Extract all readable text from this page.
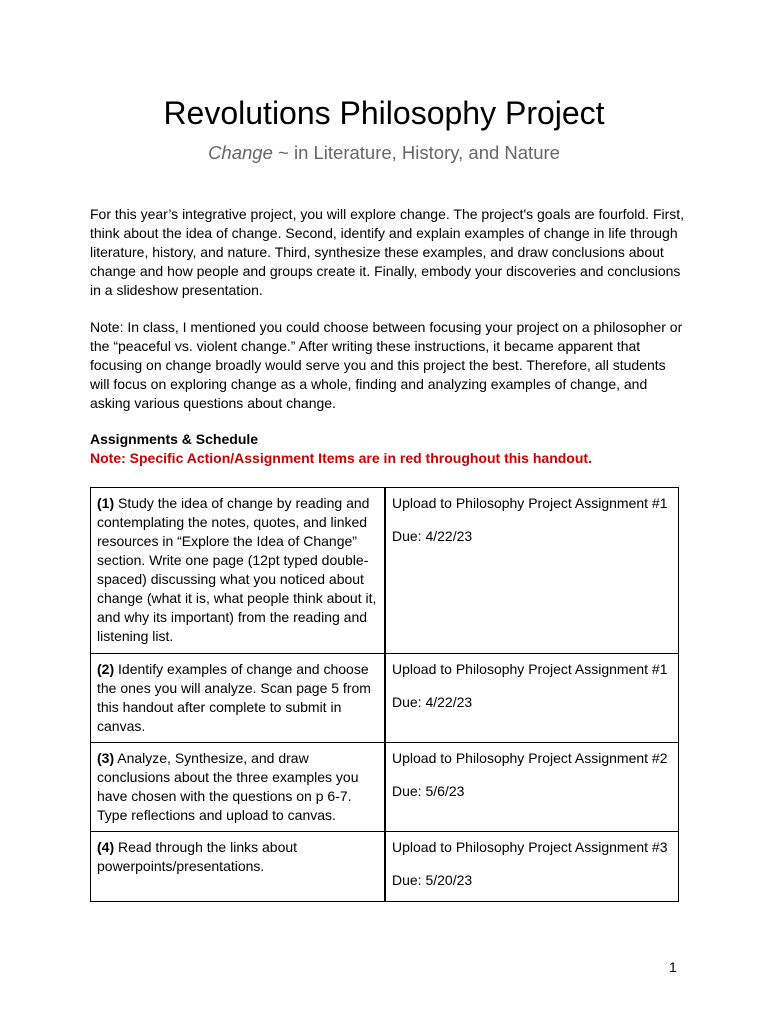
Revolutions Philosophy Project
Change ~ in Literature, History, and Nature
For this year’s integrative project, you will explore change. The project's goals are fourfold. First, think about the idea of change. Second, identify and explain examples of change in life through literature, history, and nature. Third, synthesize these examples, and draw conclusions about change and how people and groups create it. Finally, embody your discoveries and conclusions in a slideshow presentation.
Note: In class, I mentioned you could choose between focusing your project on a philosopher or the “peaceful vs. violent change.” After writing these instructions, it became apparent that focusing on change broadly would serve you and this project the best. Therefore, all students will focus on exploring change as a whole, finding and analyzing examples of change, and asking various questions about change.
Assignments & Schedule
Note: Specific Action/Assignment Items are in red throughout this handout.
(1) Study the idea of change by reading and contemplating the notes, quotes, and linked resources in “Explore the Idea of Change” section. Write one page (12pt typed double-spaced) discussing what you noticed about change (what it is, what people think about it, and why its important) from the reading and listening list.	Upload to Philosophy Project Assignment #1
Due: 4/22/23

(2) Identify examples of change and choose the ones you will analyze. Scan page 5 from this handout after complete to submit in canvas.	Upload to Philosophy Project Assignment #1
Due: 4/22/23

(3) Analyze, Synthesize, and draw conclusions about the three examples you have chosen with the questions on p 6-7. Type reflections and upload to canvas.	Upload to Philosophy Project Assignment #2
Due: 5/6/23

(4) Read through the links about powerpoints/presentations.	Upload to Philosophy Project Assignment #3
Due: 5/20/23
1
